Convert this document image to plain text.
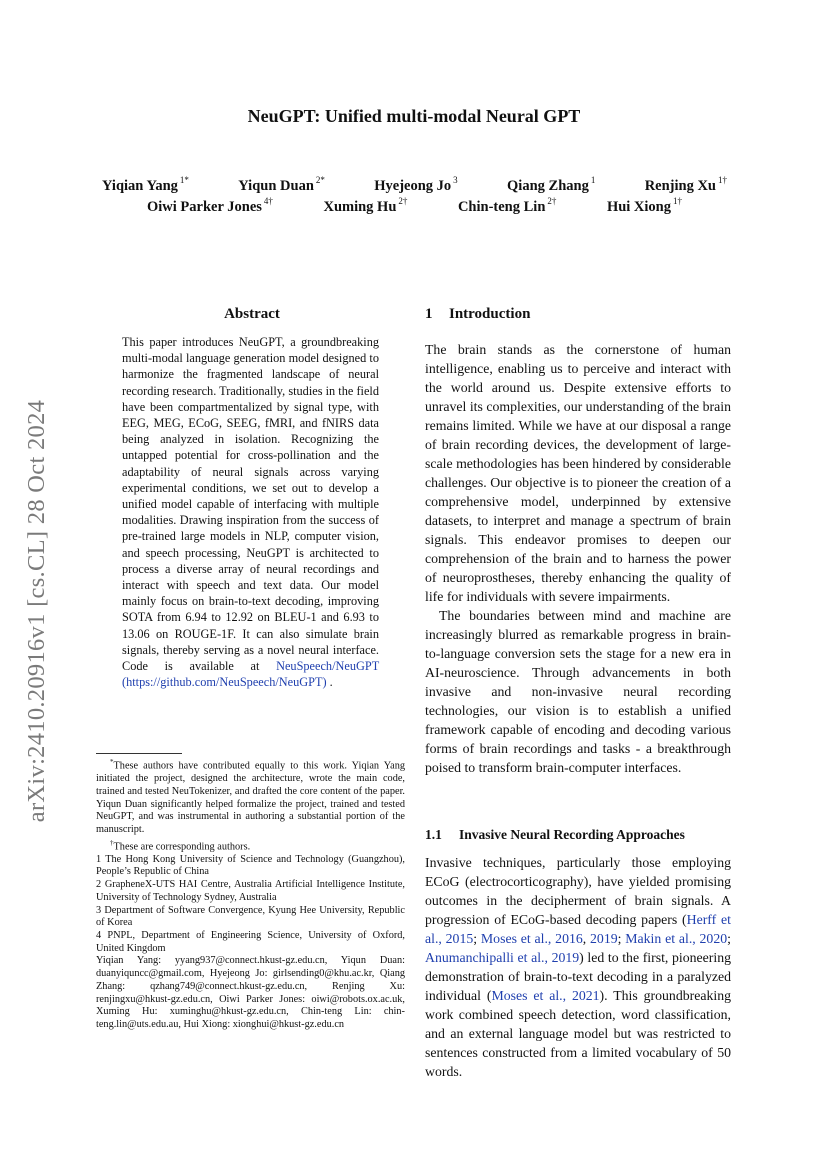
arXiv:2410.20916v1 [cs.CL] 28 Oct 2024
NeuGPT: Unified multi-modal Neural GPT
Yiqian Yang $^{1*}$	Yiqun Duan $^{2*}$	Hyejeong Jo $^3$	Qiang Zhang $^1$	Renjing Xu $^{1\dagger}$
Oiwi Parker Jones $^{4\dagger}$	Xuming Hu $^{2\dagger}$	Chin-teng Lin $^{2\dagger}$	Hui Xiong $^{1\dagger}$
Abstract
This paper introduces NeuGPT, a groundbreaking multi-modal language generation model designed to harmonize the fragmented landscape of neural recording research. Traditionally, studies in the field have been compartmentalized by signal type, with EEG, MEG, ECoG, SEEG, fMRI, and fNIRS data being analyzed in isolation. Recognizing the untapped potential for cross-pollination and the adaptability of neural signals across varying experimental conditions, we set out to develop a unified model capable of interfacing with multiple modalities. Drawing inspiration from the success of pre-trained large models in NLP, computer vision, and speech processing, NeuGPT is architected to process a diverse array of neural recordings and interact with speech and text data. Our model mainly focus on brain-to-text decoding, improving SOTA from 6.94 to 12.92 on BLEU-1 and 6.93 to 13.06 on ROUGE-1F. It can also simulate brain signals, thereby serving as a novel neural interface. Code is available at NeuSpeech/NeuGPT (https://github.com/NeuSpeech/NeuGPT) .

*These authors have contributed equally to this work. Yiqian Yang initiated the project, designed the architecture, wrote the main code, trained and tested NeuTokenizer, and drafted the core content of the paper. Yiqun Duan significantly helped formalize the project, trained and tested NeuGPT, and was instrumental in authoring a substantial portion of the manuscript.

†These are corresponding authors.

1 The Hong Kong University of Science and Technology (Guangzhou), People’s Republic of China

2 GrapheneX-UTS HAI Centre, Australia Artificial Intelligence Institute, University of Technology Sydney, Australia

3 Department of Software Convergence, Kyung Hee University, Republic of Korea

4 PNPL, Department of Engineering Science, University of Oxford, United Kingdom

Yiqian Yang: yyang937@connect.hkust-gz.edu.cn, Yiqun Duan: duanyiquncc@gmail.com, Hyejeong Jo: girlsending0@khu.ac.kr, Qiang Zhang: qzhang749@connect.hkust-gz.edu.cn, Renjing Xu: renjingxu@hkust-gz.edu.cn, Oiwi Parker Jones: oiwi@robots.ox.ac.uk, Xuming Hu: xuminghu@hkust-gz.edu.cn, Chin-teng Lin: chin-teng.lin@uts.edu.au, Hui Xiong: xionghui@hkust-gz.edu.cn

1 Introduction

The brain stands as the cornerstone of human intelligence, enabling us to perceive and interact with the world around us. Despite extensive efforts to unravel its complexities, our understanding of the brain remains limited. While we have at our disposal a range of brain recording devices, the development of large-scale methodologies has been hindered by considerable challenges. Our objective is to pioneer the creation of a comprehensive model, underpinned by extensive datasets, to interpret and manage a spectrum of brain signals. This endeavor promises to deepen our comprehension of the brain and to harness the power of neuroprostheses, thereby enhancing the quality of life for individuals with severe impairments.

The boundaries between mind and machine are increasingly blurred as remarkable progress in brain-to-language conversion sets the stage for a new era in AI-neuroscience. Through advancements in both invasive and non-invasive neural recording technologies, our vision is to establish a unified framework capable of encoding and decoding various forms of brain recordings and tasks - a breakthrough poised to transform brain-computer interfaces.

1.1 Invasive Neural Recording Approaches

Invasive techniques, particularly those employing ECoG (electrocorticography), have yielded promising outcomes in the decipherment of brain signals. A progression of ECoG-based decoding papers (Herff et al., 2015; Moses et al., 2016, 2019; Makin et al., 2020; Anumanchipalli et al., 2019) led to the first, pioneering demonstration of brain-to-text decoding in a paralyzed individual (Moses et al., 2021). This groundbreaking work combined speech detection, word classification, and an external language model but was restricted to sentences constructed from a limited vocabulary of 50 words.
